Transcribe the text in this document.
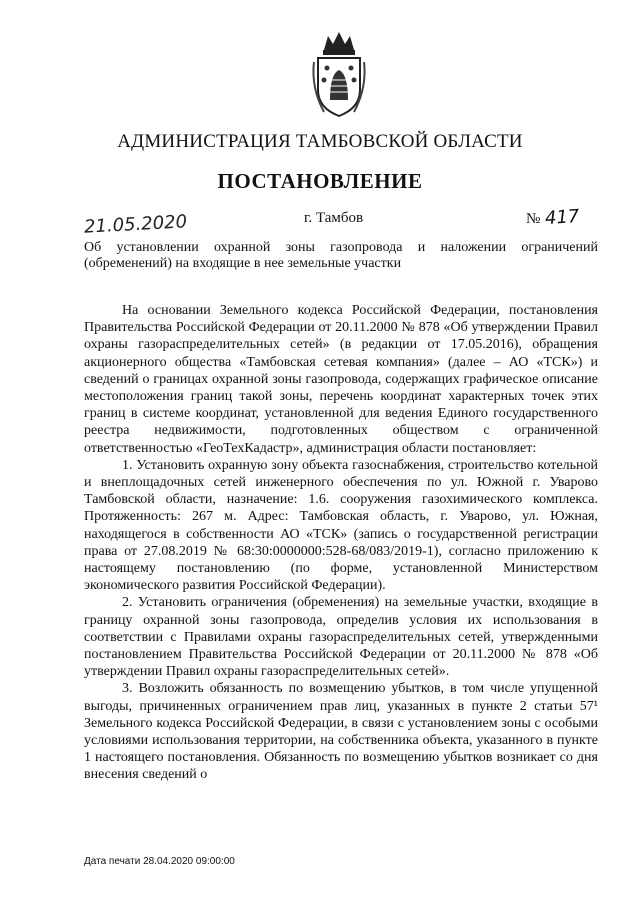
АДМИНИСТРАЦИЯ ТАМБОВСКОЙ ОБЛАСТИ
ПОСТАНОВЛЕНИЕ
21.05.2020	г. Тамбов	№ 417
Об установлении охранной зоны газопровода и наложении ограничений (обременений) на входящие в нее земельные участки

На основании Земельного кодекса Российской Федерации, постановления Правительства Российской Федерации от 20.11.2000 № 878 «Об утверждении Правил охраны газораспределительных сетей» (в редакции от 17.05.2016), обращения акционерного общества «Тамбовская сетевая компания» (далее – АО «ТСК») и сведений о границах охранной зоны газопровода, содержащих графическое описание местоположения границ такой зоны, перечень координат характерных точек этих границ в системе координат, установленной для ведения Единого государственного реестра недвижимости, подготовленных обществом с ограниченной ответственностью «ГеоТехКадастр», администрация области постановляет:

1. Установить охранную зону объекта газоснабжения, строительство котельной и внеплощадочных сетей инженерного обеспечения по ул. Южной г. Уварово Тамбовской области, назначение: 1.6. сооружения газохимического комплекса. Протяженность: 267 м. Адрес: Тамбовская область, г. Уварово, ул. Южная, находящегося в собственности АО «ТСК» (запись о государственной регистрации права от 27.08.2019 № 68:30:0000000:528-68/083/2019-1), согласно приложению к настоящему постановлению (по форме, установленной Министерством экономического развития Российской Федерации).

2. Установить ограничения (обременения) на земельные участки, входящие в границу охранной зоны газопровода, определив условия их использования в соответствии с Правилами охраны газораспределительных сетей, утвержденными постановлением Правительства Российской Федерации от 20.11.2000 № 878 «Об утверждении Правил охраны газораспределительных сетей».

3. Возложить обязанность по возмещению убытков, в том числе упущенной выгоды, причиненных ограничением прав лиц, указанных в пункте 2 статьи 57¹ Земельного кодекса Российской Федерации, в связи с установлением зоны с особыми условиями использования территории, на собственника объекта, указанного в пункте 1 настоящего постановления. Обязанность по возмещению убытков возникает со дня внесения сведений о

Дата печати 28.04.2020 09:00:00
